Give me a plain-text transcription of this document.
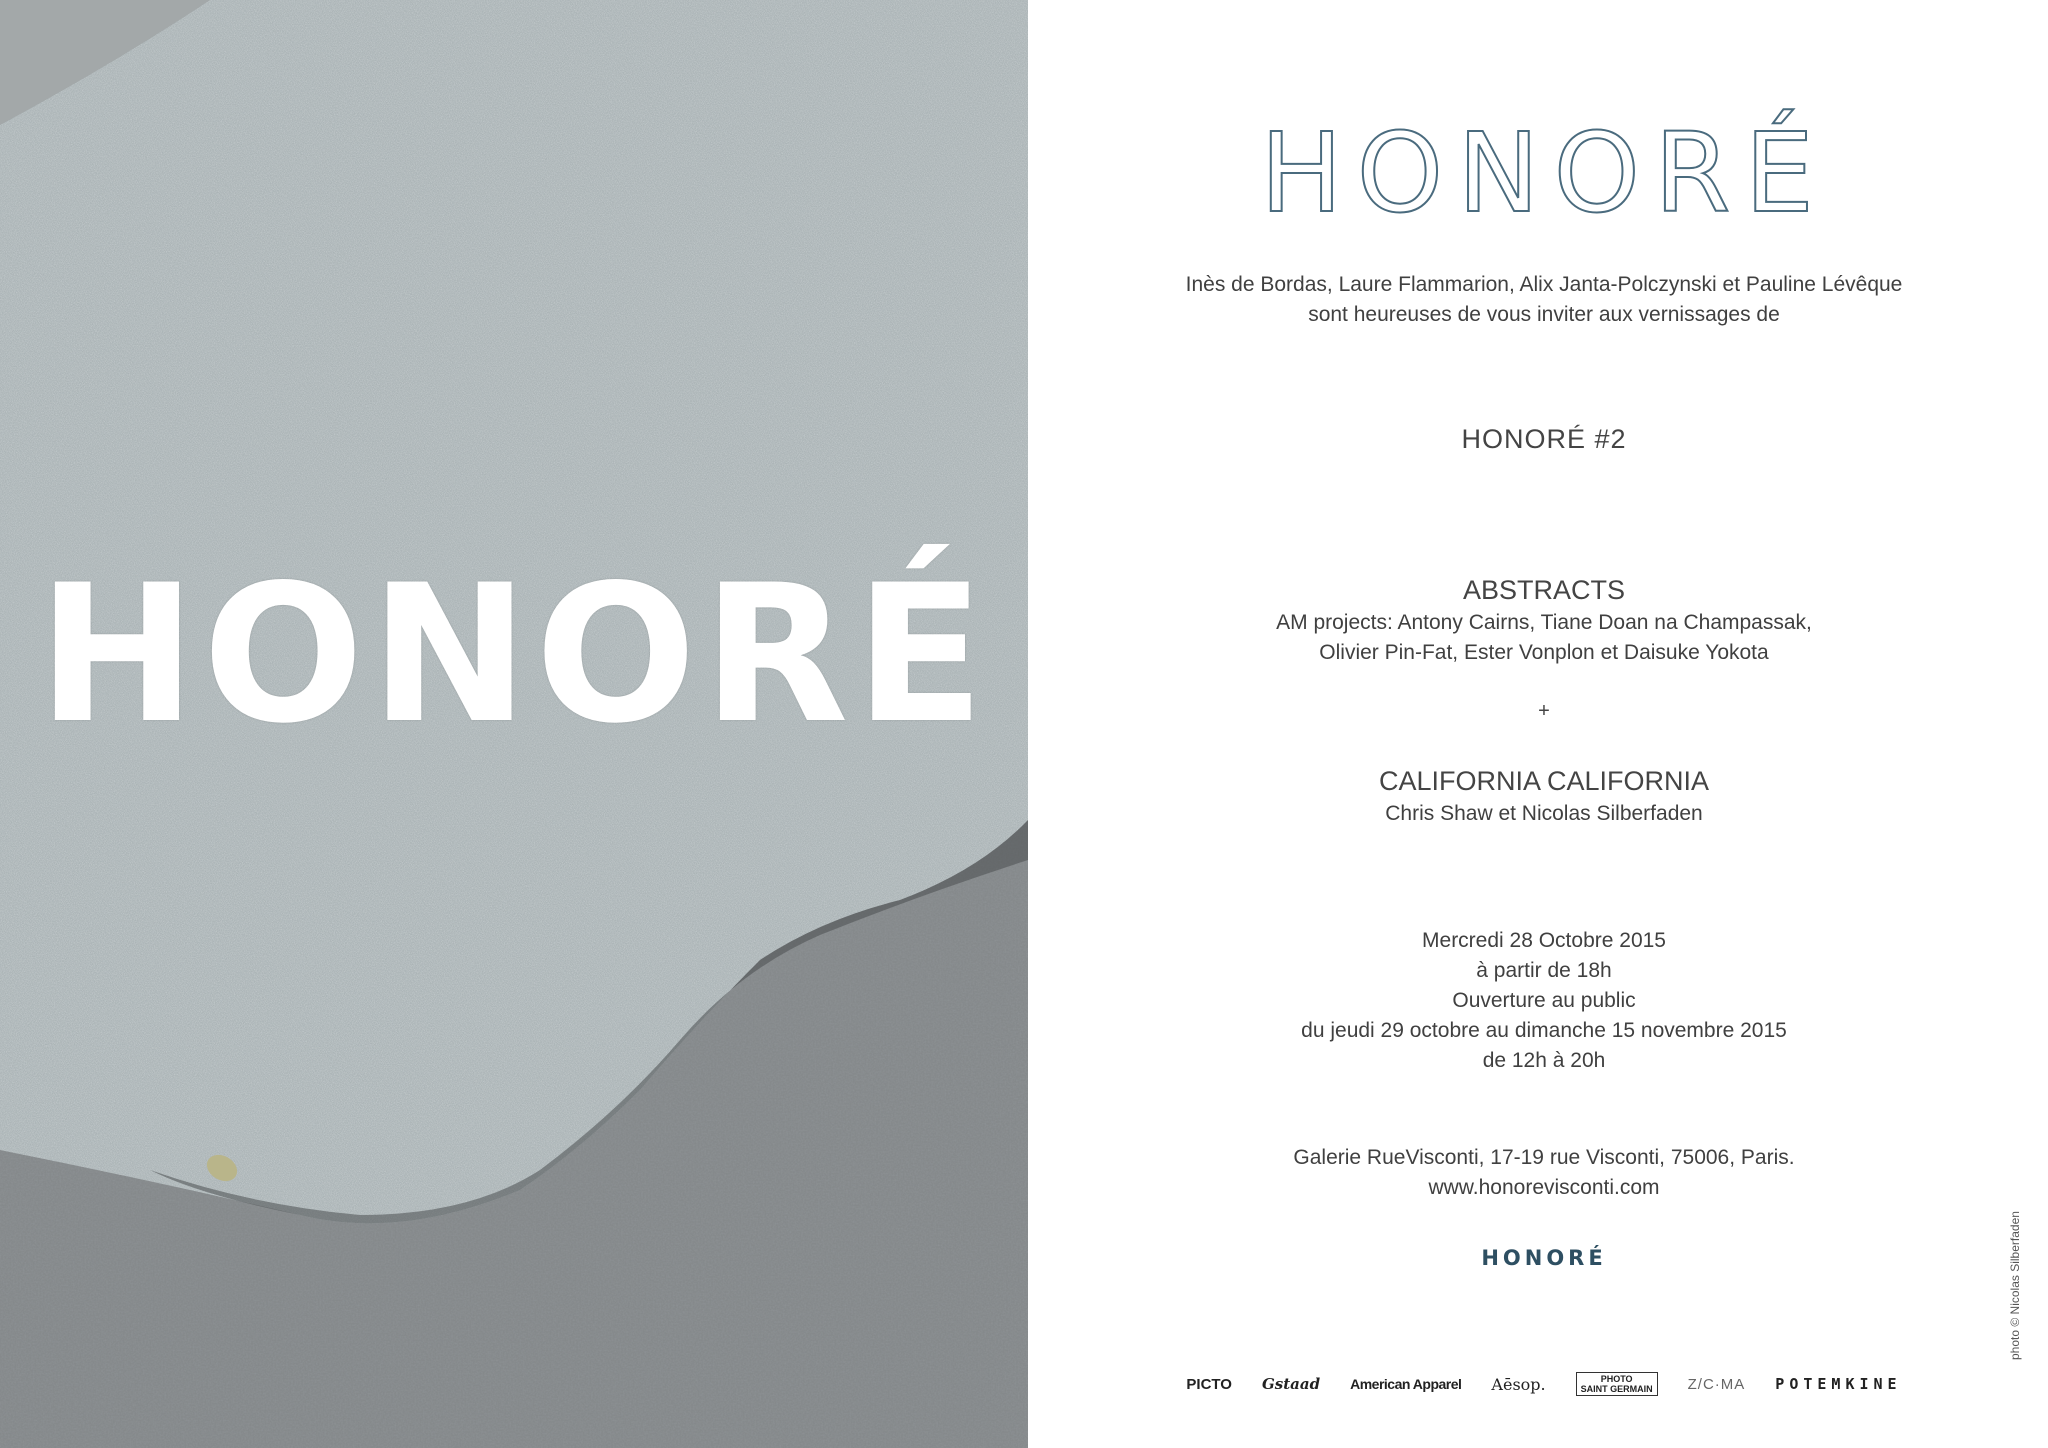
HONORÉ
HONORÉ
Inès de Bordas, Laure Flammarion, Alix Janta-Polczynski et Pauline Lévêque
sont heureuses de vous inviter aux vernissages de
HONORÉ #2
ABSTRACTS
AM projects: Antony Cairns, Tiane Doan na Champassak,
Olivier Pin-Fat, Ester Vonplon et Daisuke Yokota
+
CALIFORNIA CALIFORNIA
Chris Shaw et Nicolas Silberfaden
Mercredi 28 Octobre 2015
à partir de 18h
Ouverture au public
du jeudi 29 octobre au dimanche 15 novembre 2015
de 12h à 20h
Galerie RueVisconti, 17-19 rue Visconti, 75006, Paris.
www.honorevisconti.com
HONORÉ
PICTO Gstaad American Apparel Aēsop.	PHOTO
SAINT GERMAIN Z/C·MA POTEMKINE
photo © Nicolas Silberfaden
